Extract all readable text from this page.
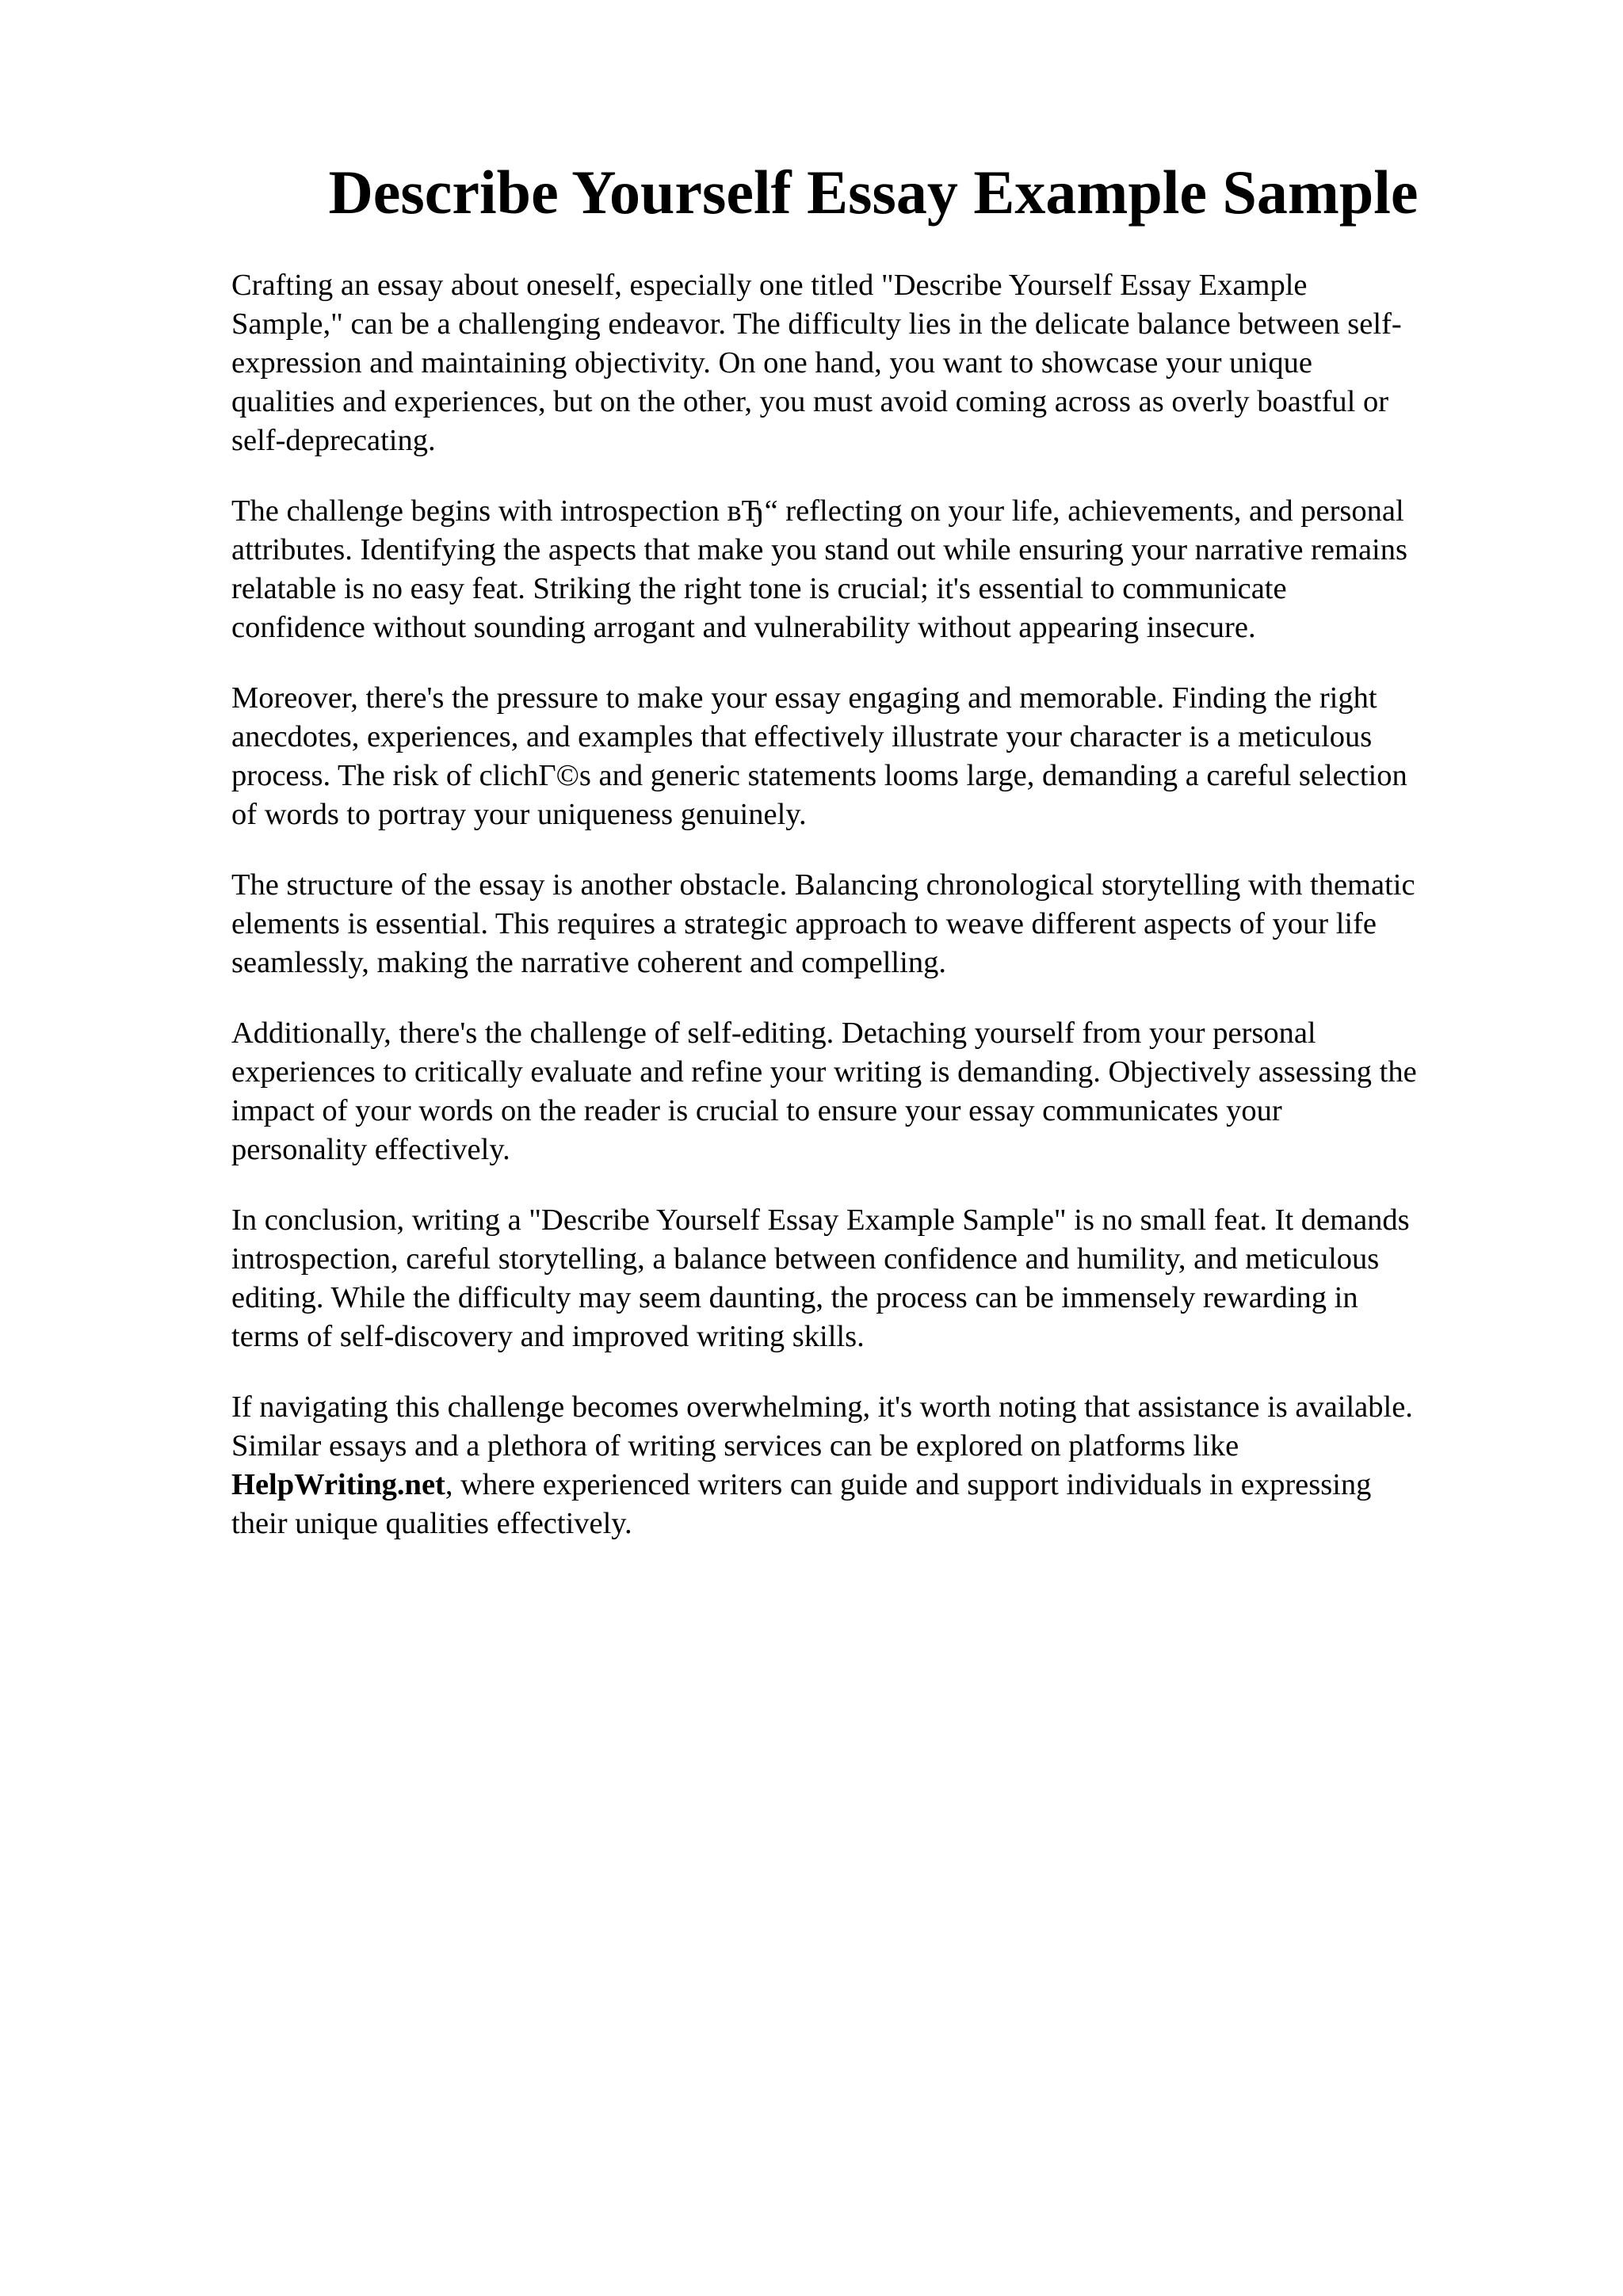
Describe Yourself Essay Example Sample

Crafting an essay about oneself, especially one titled "Describe Yourself Essay Example
Sample," can be a challenging endeavor. The difficulty lies in the delicate balance between self-
expression and maintaining objectivity. On one hand, you want to showcase your unique
qualities and experiences, but on the other, you must avoid coming across as overly boastful or
self-deprecating.

The challenge begins with introspection вЂ“ reflecting on your life, achievements, and personal
attributes. Identifying the aspects that make you stand out while ensuring your narrative remains
relatable is no easy feat. Striking the right tone is crucial; it's essential to communicate
confidence without sounding arrogant and vulnerability without appearing insecure.

Moreover, there's the pressure to make your essay engaging and memorable. Finding the right
anecdotes, experiences, and examples that effectively illustrate your character is a meticulous
process. The risk of clichГ©s and generic statements looms large, demanding a careful selection
of words to portray your uniqueness genuinely.

The structure of the essay is another obstacle. Balancing chronological storytelling with thematic
elements is essential. This requires a strategic approach to weave different aspects of your life
seamlessly, making the narrative coherent and compelling.

Additionally, there's the challenge of self-editing. Detaching yourself from your personal
experiences to critically evaluate and refine your writing is demanding. Objectively assessing the
impact of your words on the reader is crucial to ensure your essay communicates your
personality effectively.

In conclusion, writing a "Describe Yourself Essay Example Sample" is no small feat. It demands
introspection, careful storytelling, a balance between confidence and humility, and meticulous
editing. While the difficulty may seem daunting, the process can be immensely rewarding in
terms of self-discovery and improved writing skills.

If navigating this challenge becomes overwhelming, it's worth noting that assistance is available.
Similar essays and a plethora of writing services can be explored on platforms like
HelpWriting.net, where experienced writers can guide and support individuals in expressing
their unique qualities effectively.
